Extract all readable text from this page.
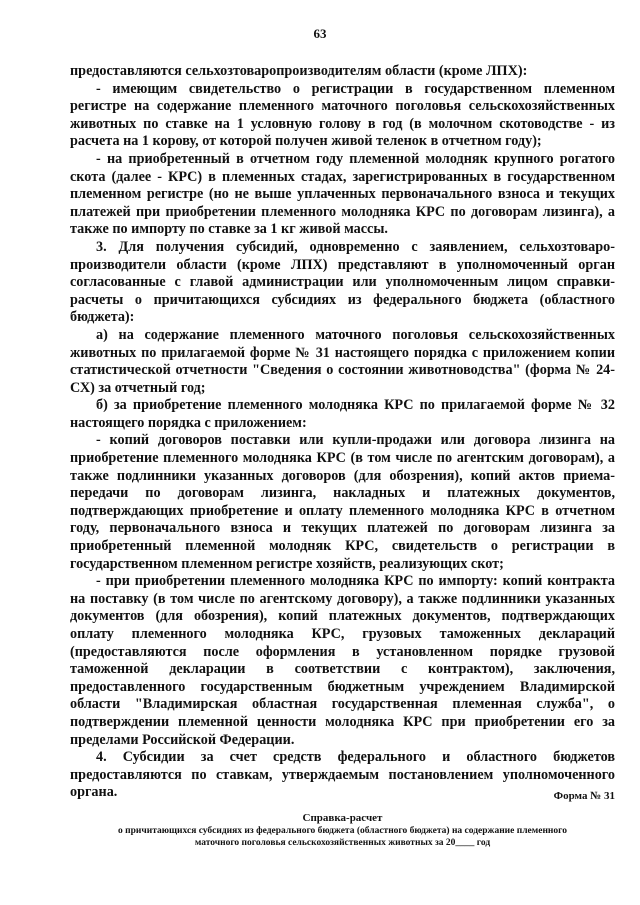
63

предоставляются сельхозтоваропроизводителям области (кроме ЛПХ):

- имеющим свидетельство о регистрации в государственном племенном регистре на содержание племенного маточного поголовья сельскохозяйственных животных по ставке на 1 условную голову в год (в молочном скотоводстве - из расчета на 1 корову, от которой получен живой теленок в отчетном году);

- на приобретенный в отчетном году племенной молодняк крупного рогатого скота (далее - КРС) в племенных стадах, зарегистрированных в государственном племенном регистре (но не выше уплаченных первоначального взноса и текущих платежей при приобретении племенного молодняка КРС по договорам лизинга), а также по импорту по ставке за 1 кг живой массы.

3. Для получения субсидий, одновременно с заявлением, сельхозтоваро-производители области (кроме ЛПХ) представляют в уполномоченный орган согласованные с главой администрации или уполномоченным лицом справки-расчеты о причитающихся субсидиях из федерального бюджета (областного бюджета):

а) на содержание племенного маточного поголовья сельскохозяйственных животных по прилагаемой форме № 31 настоящего порядка с приложением копии статистической отчетности "Сведения о состоянии животноводства" (форма № 24-СХ) за отчетный год;

б) за приобретение племенного молодняка КРС по прилагаемой форме № 32 настоящего порядка с приложением:

- копий договоров поставки или купли-продажи или договора лизинга на приобретение племенного молодняка КРС (в том числе по агентским договорам), а также подлинники указанных договоров (для обозрения), копий актов приема-передачи по договорам лизинга, накладных и платежных документов, подтверждающих приобретение и оплату племенного молодняка КРС в отчетном году, первоначального взноса и текущих платежей по договорам лизинга за приобретенный племенной молодняк КРС, свидетельств о регистрации в государственном племенном регистре хозяйств, реализующих скот;

- при приобретении племенного молодняка КРС по импорту: копий контракта на поставку (в том числе по агентскому договору), а также подлинники указанных документов (для обозрения), копий платежных документов, подтверждающих оплату племенного молодняка КРС, грузовых таможенных деклараций (предоставляются после оформления в установленном порядке грузовой таможенной декларации в соответствии с контрактом), заключения, предоставленного государственным бюджетным учреждением Владимирской области "Владимирская областная государственная племенная служба", о подтверждении племенной ценности молодняка КРС при приобретении его за пределами Российской Федерации.

4. Субсидии за счет средств федерального и областного бюджетов предоставляются по ставкам, утверждаемым постановлением уполномоченного органа.	Форма № 31
Справка-расчет
о причитающихся субсидиях из федерального бюджета (областного бюджета) на содержание племенного
маточного поголовья сельскохозяйственных животных за 20____ год
